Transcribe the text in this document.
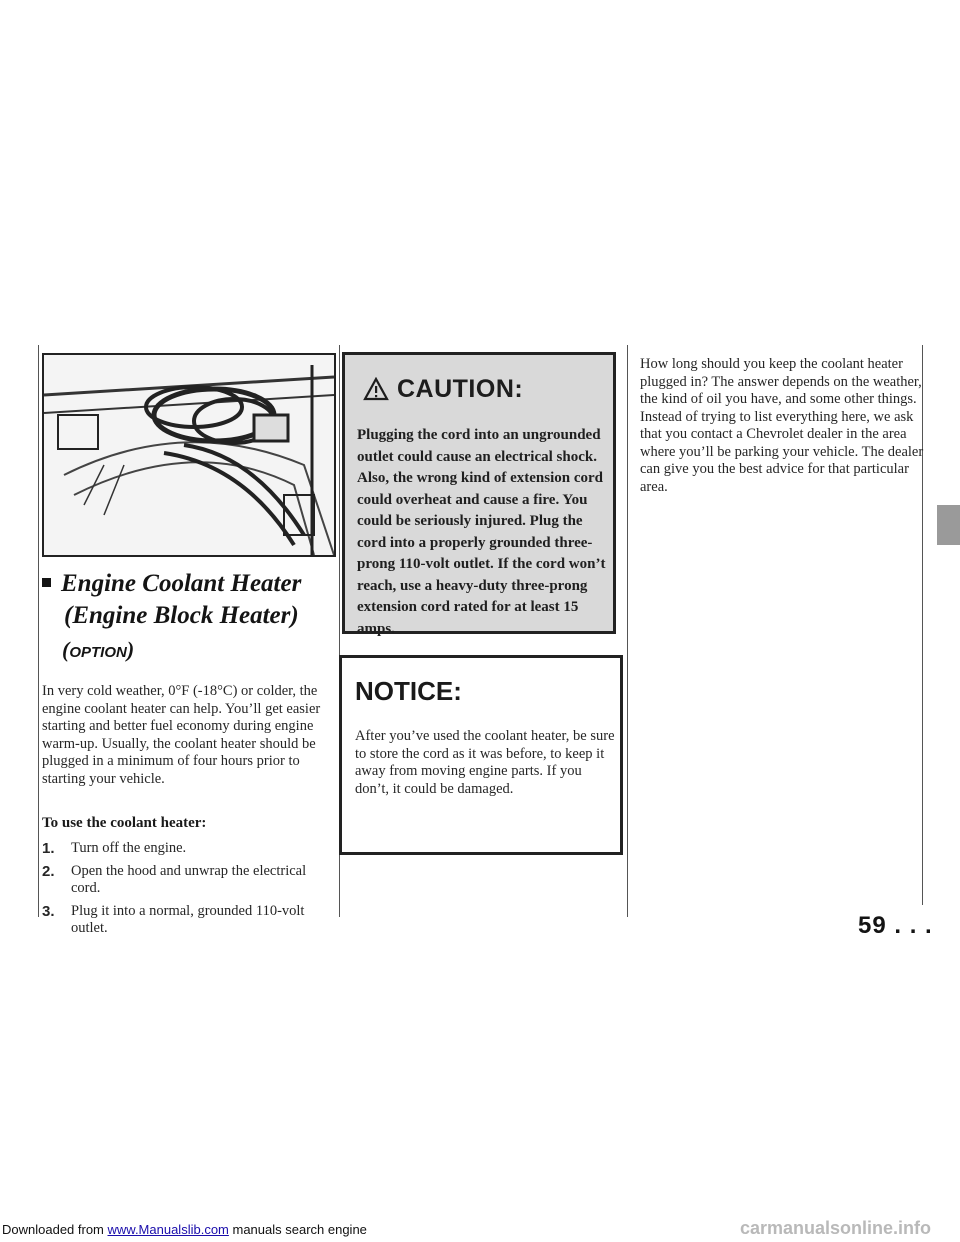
Engine Coolant Heater
(Engine Block Heater)
(OPTION)
In very cold weather, 0°F (-18°C) or colder, the engine coolant heater can help. You’ll get easier starting and better fuel economy during engine warm-up. Usually, the coolant heater should be plugged in a minimum of four hours prior to starting your vehicle.
To use the coolant heater:
1. Turn off the engine.
2. Open the hood and unwrap the electrical cord.
3. Plug it into a normal, grounded 110-volt outlet.
CAUTION:
Plugging the cord into an ungrounded outlet could cause an electrical shock. Also, the wrong kind of extension cord could overheat and cause a fire. You could be seriously injured. Plug the cord into a properly grounded three-prong 110-volt outlet. If the cord won’t reach, use a heavy-duty three-prong extension cord rated for at least 15 amps.
NOTICE:
After you’ve used the coolant heater, be sure to store the cord as it was before, to keep it away from moving engine parts. If you don’t, it could be damaged.
How long should you keep the coolant heater plugged in? The answer depends on the weather, the kind of oil you have, and some other things. Instead of trying to list everything here, we ask that you contact a Chevrolet dealer in the area where you’ll be parking your vehicle. The dealer can give you the best advice for that particular area.
59 . . .
Downloaded from www.Manualslib.com manuals search engine	carmanualsonline.info
